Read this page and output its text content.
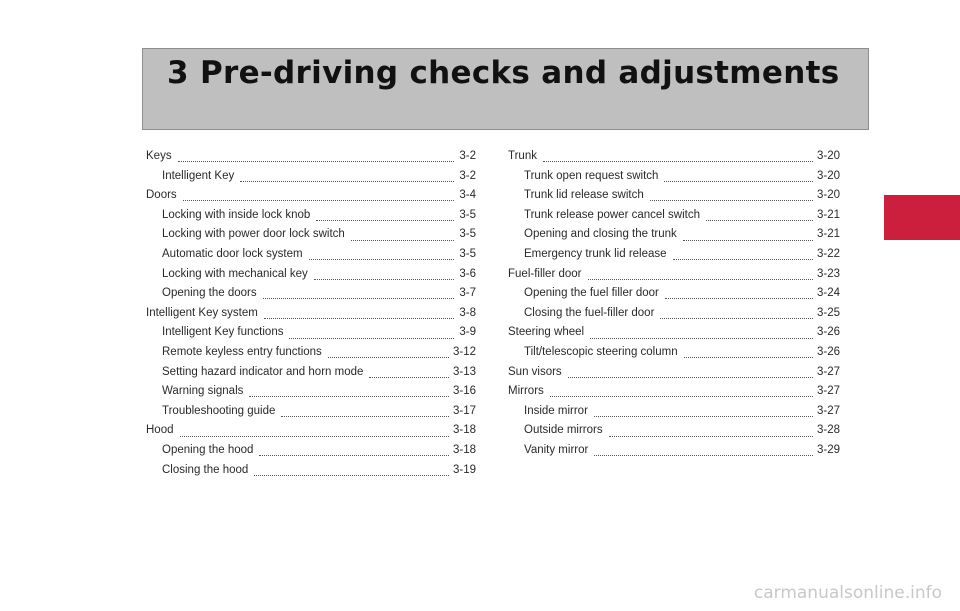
3 Pre-driving checks and adjustments
Keys	3-2
Intelligent Key	3-2
Doors	3-4
Locking with inside lock knob	3-5
Locking with power door lock switch	3-5
Automatic door lock system	3-5
Locking with mechanical key	3-6
Opening the doors	3-7
Intelligent Key system	3-8
Intelligent Key functions	3-9
Remote keyless entry functions	3-12
Setting hazard indicator and horn mode	3-13
Warning signals	3-16
Troubleshooting guide	3-17
Hood	3-18
Opening the hood	3-18
Closing the hood	3-19
Trunk	3-20
Trunk open request switch	3-20
Trunk lid release switch	3-20
Trunk release power cancel switch	3-21
Opening and closing the trunk	3-21
Emergency trunk lid release	3-22
Fuel-filler door	3-23
Opening the fuel filler door	3-24
Closing the fuel-filler door	3-25
Steering wheel	3-26
Tilt/telescopic steering column	3-26
Sun visors	3-27
Mirrors	3-27
Inside mirror	3-27
Outside mirrors	3-28
Vanity mirror	3-29
carmanualsonline.info
